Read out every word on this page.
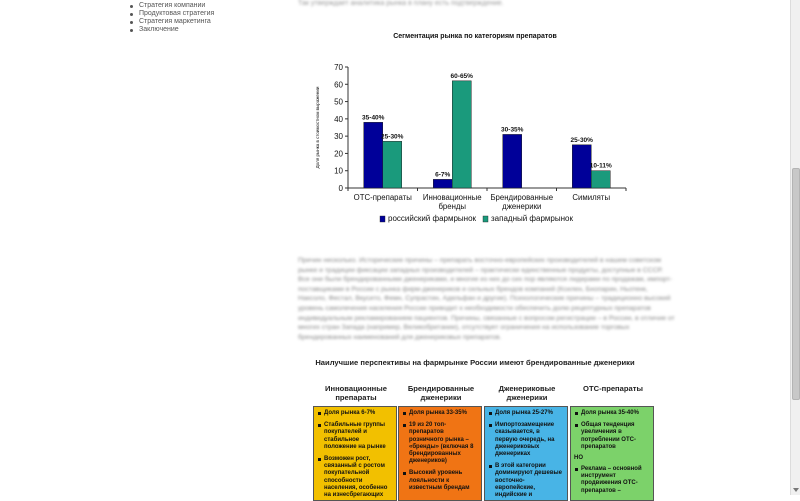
Стратегия компании
Продуктовая стратегия
Стратегия маркетинга
Заключение
Так утверждает аналитика рынка в плану есть подтверждение.
Сегментация рынка по категориям препаратов
0
10
20
30
40
50
60
70
Доля рынка в стоимостном выражении
ОТС-препараты
35-40%
25-30%
Инновационные
бренды
6-7%
60-65%
Брендированные
дженерики
30-35%
Симиляты
25-30%
10-11%
российский фармрынок западный фармрынок
Причин несколько. Исторические причины – препарать восточно-европейских производителей в нашем советском рынке и традиции фиксации западных производителей – практически единственные продукты, доступные в СССР. Все они были брендированными дженериками, и многие из них до сих пор являются лидерами по продажам, импорт-поставщиками в России с рынка фирм-дженериков и сильных брендов компаний (Ксилен, Бнопарин, Ньотенк, Наксоло, Фестал, Вкусито, Фемн, Супрастин, Адельфан и другие). Психологические причины – традиционно высокий уровень самолечения населения России приводит к необходимости обеспечить долю рецептурных препаратов индивидуальным рекламированием пациентов. Причины, связанные с вопросом регистрации – в России, в отличие от многих стран Запада (например, Великобритании), отсутствует ограничения на использование торговых брендированных наименований для дженериковых препаратов.
Наилучшие перспективы на фармрынке России имеют брендированные дженерики
Инновационные
препараты
Брендированные
дженерики
Дженериковые
дженерики
ОТС-препараты
Доля рынка 6-7%
Стабильные группы покупателей и стабильное положение на рынке
Возможен рост, связанный с ростом покупательной способности населения, особенно на изнесбрегающих
Доля рынка 33-35%
19 из 20 топ-препаратов розничного рынка – «бренды» (включая 8 брендированных дженериков)
Высокий уровень лояльности к известным брендам
Доля рынка 25-27%
Импортозамещение сказывается, в первую очередь, на дженериковых дженериках
В этой категории доминируют дешевые восточно-европейские, индийские и
Доля рынка 35-40%
Общая тенденция увеличения в потреблении ОТС-препаратов
НО
Реклама – основной инструмент продвижения ОТС-препаратов –
